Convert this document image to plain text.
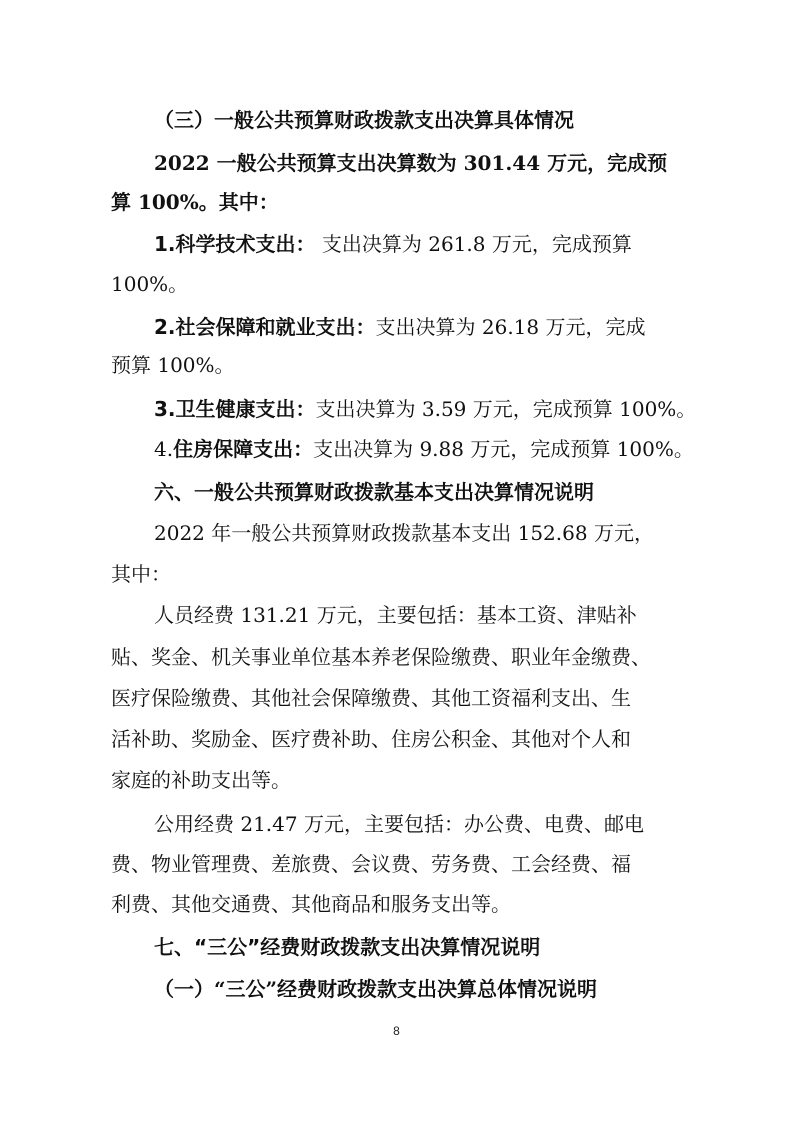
（三）一般公共预算财政拨款支出决算具体情况
2022 一般公共预算支出决算数为 301.44 万元，完成预
算 100%。其中：
1.科学技术支出： 支出决算为 261.8 万元，完成预算
100%。
2.社会保障和就业支出：支出决算为 26.18 万元，完成
预算 100%。
3.卫生健康支出：支出决算为 3.59 万元，完成预算 100%。
4.住房保障支出：支出决算为 9.88 万元，完成预算 100%。
六、一般公共预算财政拨款基本支出决算情况说明
2022 年一般公共预算财政拨款基本支出 152.68 万元，
其中：
人员经费 131.21 万元，主要包括：基本工资、津贴补
贴、奖金、机关事业单位基本养老保险缴费、职业年金缴费、
医疗保险缴费、其他社会保障缴费、其他工资福利支出、生
活补助、奖励金、医疗费补助、住房公积金、其他对个人和
家庭的补助支出等。
公用经费 21.47 万元，主要包括：办公费、电费、邮电
费、物业管理费、差旅费、会议费、劳务费、工会经费、福
利费、其他交通费、其他商品和服务支出等。
七、“三公”经费财政拨款支出决算情况说明
（一）“三公”经费财政拨款支出决算总体情况说明
8
